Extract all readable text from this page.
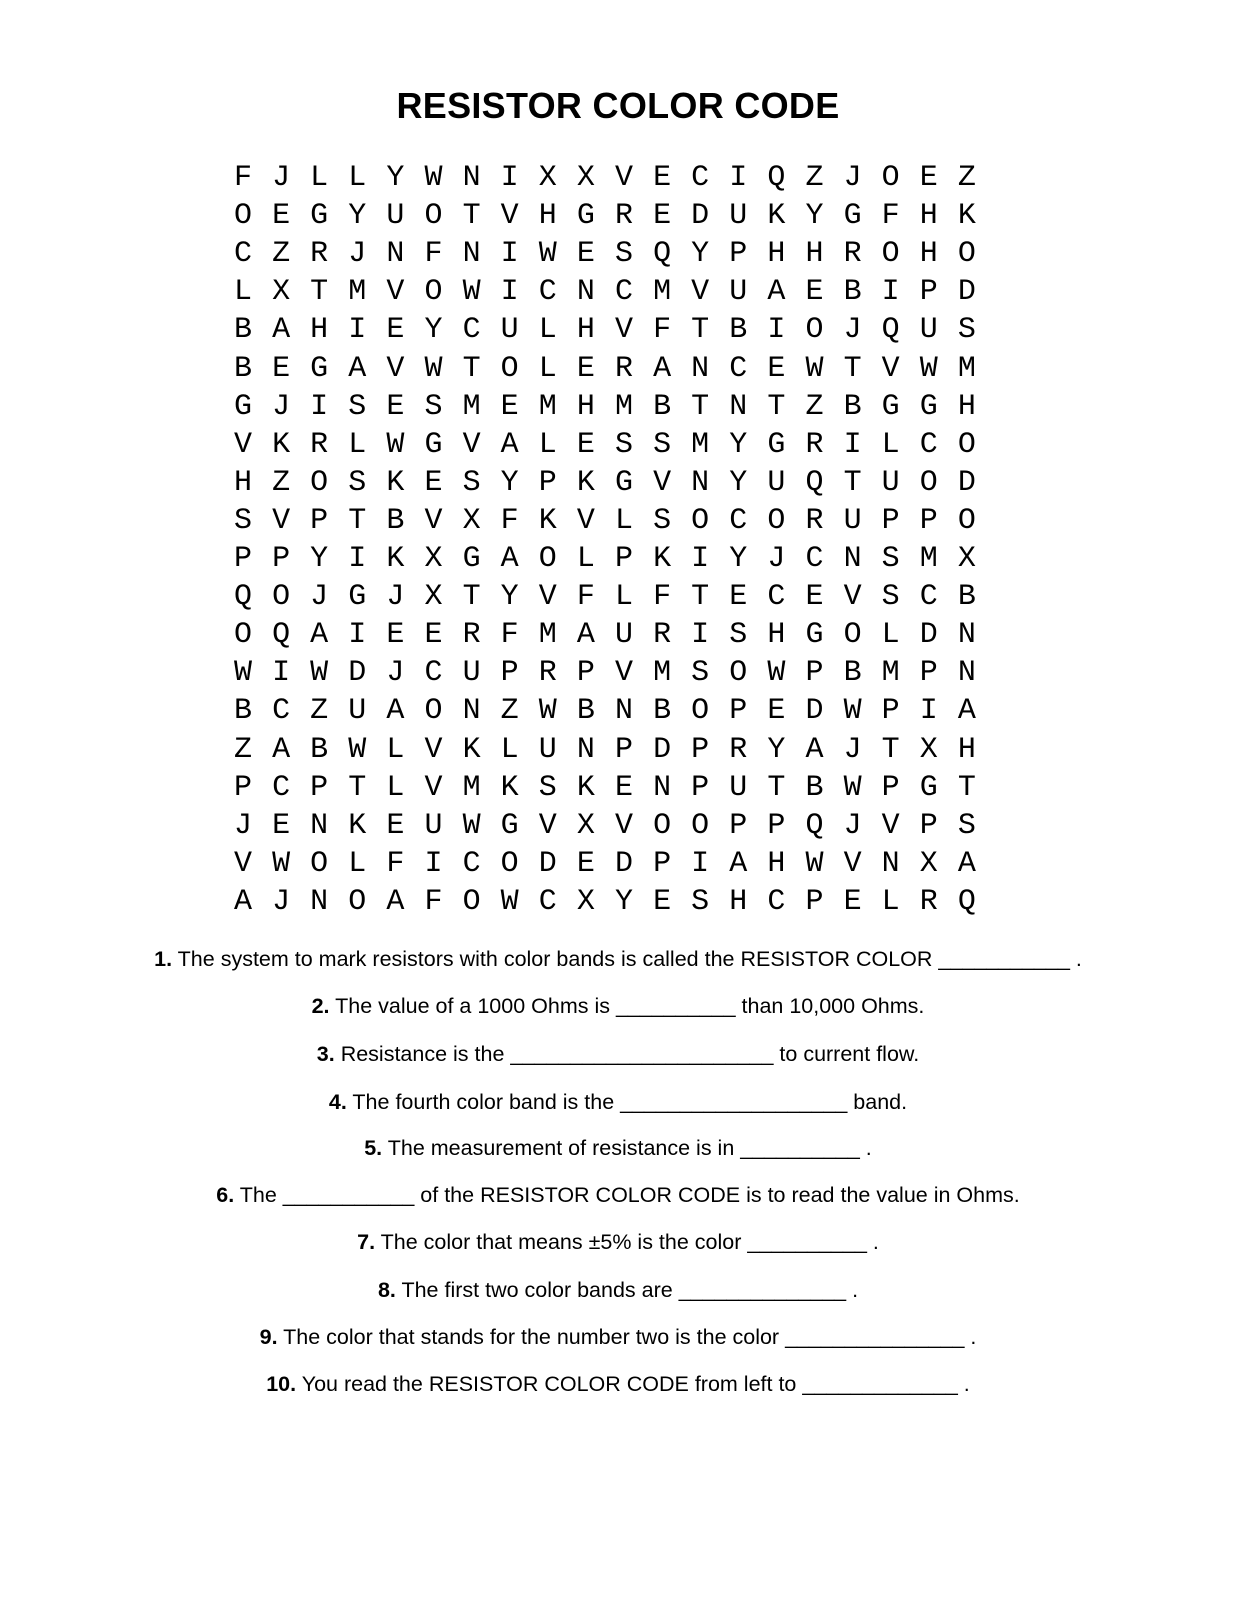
RESISTOR COLOR CODE
F J L L Y W N I X X V E C I Q Z J O E Z
O E G Y U O T V H G R E D U K Y G F H K
C Z R J N F N I W E S Q Y P H H R O H O
L X T M V O W I C N C M V U A E B I P D
B A H I E Y C U L H V F T B I O J Q U S
B E G A V W T O L E R A N C E W T V W M
G J I S E S M E M H M B T N T Z B G G H
V K R L W G V A L E S S M Y G R I L C O
H Z O S K E S Y P K G V N Y U Q T U O D
S V P T B V X F K V L S O C O R U P P O
P P Y I K X G A O L P K I Y J C N S M X
Q O J G J X T Y V F L F T E C E V S C B
O Q A I E E R F M A U R I S H G O L D N
W I W D J C U P R P V M S O W P B M P N
B C Z U A O N Z W B N B O P E D W P I A
Z A B W L V K L U N P D P R Y A J T X H
P C P T L V M K S K E N P U T B W P G T
J E N K E U W G V X V O O P P Q J V P S
V W O L F I C O D E D P I A H W V N X A
A J N O A F O W C X Y E S H C P E L R Q
1. The system to mark resistors with color bands is called the RESISTOR COLOR ___________ .
2. The value of a 1000 Ohms is __________ than 10,000 Ohms.
3. Resistance is the ______________________ to current flow.
4. The fourth color band is the ___________________ band.
5. The measurement of resistance is in __________ .
6. The ___________ of the RESISTOR COLOR CODE is to read the value in Ohms.
7. The color that means ±5% is the color __________ .
8. The first two color bands are ______________ .
9. The color that stands for the number two is the color _______________ .
10. You read the RESISTOR COLOR CODE from left to _____________ .
